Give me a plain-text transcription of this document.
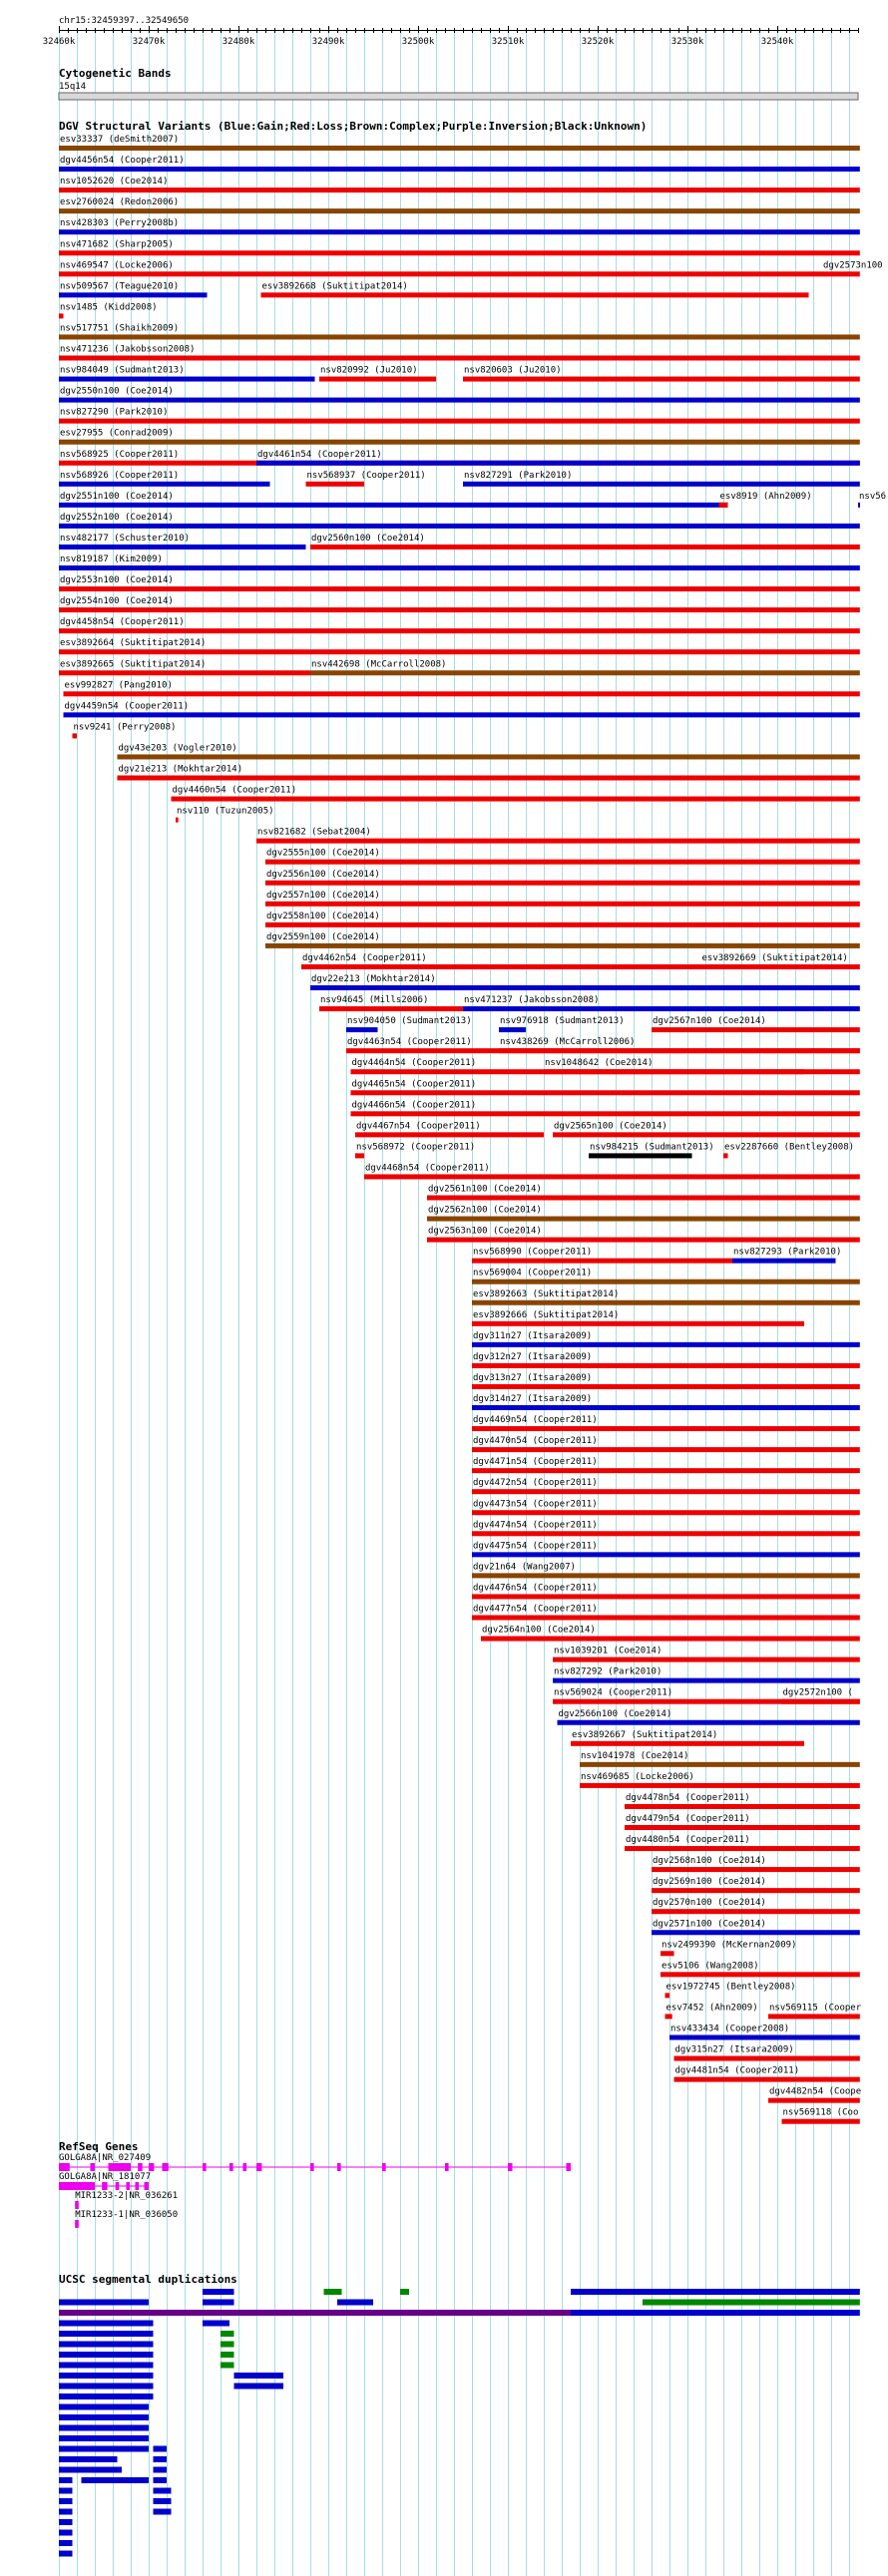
chr15:32459397..32549650
32460k	32470k	32480k	32490k	32500k	32510k	32520k	32530k	32540k
Cytogenetic Bands
15q14
DGV Structural Variants (Blue:Gain;Red:Loss;Brown:Complex;Purple:Inversion;Black:Unknown)
esv33337 (deSmith2007)
dgv4456n54 (Cooper2011)
nsv1052620 (Coe2014)
esv2760024 (Redon2006)
nsv428303 (Perry2008b)
nsv471682 (Sharp2005)
nsv469547 (Locke2006)	dgv2573n100
nsv509567 (Teague2010)	esv3892668 (Suktitipat2014)
nsv1485 (Kidd2008)
nsv517751 (Shaikh2009)
nsv471236 (Jakobsson2008)
nsv984049 (Sudmant2013)	nsv820992 (Ju2010)	nsv820603 (Ju2010)
dgv2550n100 (Coe2014)
nsv827290 (Park2010)
esv27955 (Conrad2009)
nsv568925 (Cooper2011)	dgv4461n54 (Cooper2011)
nsv568926 (Cooper2011)	nsv568937 (Cooper2011)	nsv827291 (Park2010)
dgv2551n100 (Coe2014)	esv8919 (Ahn2009)	nsv56
dgv2552n100 (Coe2014)
nsv482177 (Schuster2010)	dgv2560n100 (Coe2014)
nsv819187 (Kim2009)
dgv2553n100 (Coe2014)
dgv2554n100 (Coe2014)
dgv4458n54 (Cooper2011)
esv3892664 (Suktitipat2014)
esv3892665 (Suktitipat2014)	nsv442698 (McCarroll2008)
esv992827 (Pang2010)
dgv4459n54 (Cooper2011)
nsv9241 (Perry2008)
dgv43e203 (Vogler2010)
dgv21e213 (Mokhtar2014)
dgv4460n54 (Cooper2011)
nsv110 (Tuzun2005)
nsv821682 (Sebat2004)
dgv2555n100 (Coe2014)
dgv2556n100 (Coe2014)
dgv2557n100 (Coe2014)
dgv2558n100 (Coe2014)
dgv2559n100 (Coe2014)
dgv4462n54 (Cooper2011)	esv3892669 (Suktitipat2014)
dgv22e213 (Mokhtar2014)
nsv94645 (Mills2006)	nsv471237 (Jakobsson2008)
nsv904050 (Sudmant2013)	nsv976918 (Sudmant2013)	dgv2567n100 (Coe2014)
dgv4463n54 (Cooper2011)	nsv438269 (McCarroll2006)
dgv4464n54 (Cooper2011)	nsv1048642 (Coe2014)
dgv4465n54 (Cooper2011)
dgv4466n54 (Cooper2011)
dgv4467n54 (Cooper2011)	dgv2565n100 (Coe2014)
nsv568972 (Cooper2011)	nsv984215 (Sudmant2013) esv2287660 (Bentley2008)
dgv4468n54 (Cooper2011)
dgv2561n100 (Coe2014)
dgv2562n100 (Coe2014)
dgv2563n100 (Coe2014)
nsv568990 (Cooper2011)	nsv827293 (Park2010)
nsv569004 (Cooper2011)
esv3892663 (Suktitipat2014)
esv3892666 (Suktitipat2014)
dgv311n27 (Itsara2009)
dgv312n27 (Itsara2009)
dgv313n27 (Itsara2009)
dgv314n27 (Itsara2009)
dgv4469n54 (Cooper2011)
dgv4470n54 (Cooper2011)
dgv4471n54 (Cooper2011)
dgv4472n54 (Cooper2011)
dgv4473n54 (Cooper2011)
dgv4474n54 (Cooper2011)
dgv4475n54 (Cooper2011)
dgv21n64 (Wang2007)
dgv4476n54 (Cooper2011)
dgv4477n54 (Cooper2011)
dgv2564n100 (Coe2014)
nsv1039201 (Coe2014)
nsv827292 (Park2010)
nsv569024 (Cooper2011)	dgv2572n100 (
dgv2566n100 (Coe2014)
esv3892667 (Suktitipat2014)
nsv1041978 (Coe2014)
nsv469685 (Locke2006)
dgv4478n54 (Cooper2011)
dgv4479n54 (Cooper2011)
dgv4480n54 (Cooper2011)
dgv2568n100 (Coe2014)
dgv2569n100 (Coe2014)
dgv2570n100 (Coe2014)
dgv2571n100 (Coe2014)
nsv2499390 (McKernan2009)
esv5106 (Wang2008)
esv1972745 (Bentley2008)
esv7452 (Ahn2009) nsv569115 (Cooper
nsv433434 (Cooper2008)
dgv315n27 (Itsara2009)
dgv4481n54 (Cooper2011)
dgv4482n54 (Coope
nsv569118 (Coo
RefSeq Genes
GOLGA8A|NR_027409
GOLGA8A|NR_181077
MIR1233-2|NR_036261
MIR1233-1|NR_036050
UCSC segmental duplications
